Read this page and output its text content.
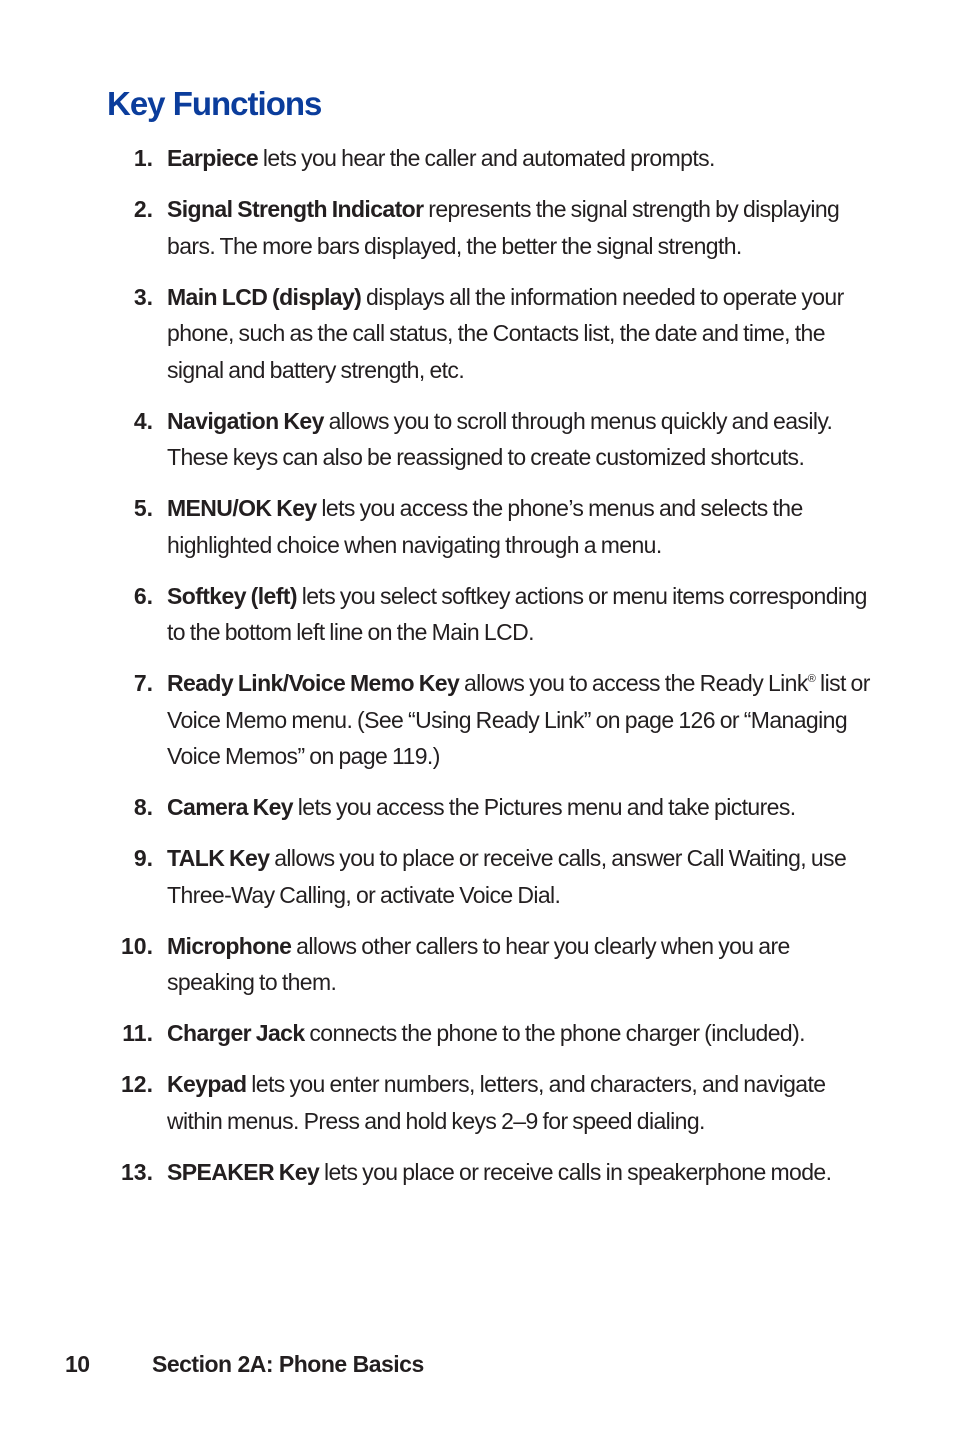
Key Functions
1. Earpiece lets you hear the caller and automated prompts.
2. Signal Strength Indicator represents the signal strength by displaying bars. The more bars displayed, the better the signal strength.
3. Main LCD (display) displays all the information needed to operate your phone, such as the call status, the Contacts list, the date and time, the signal and battery strength, etc.
4. Navigation Key allows you to scroll through menus quickly and easily. These keys can also be reassigned to create customized shortcuts.
5. MENU/OK Key lets you access the phone’s menus and selects the highlighted choice when navigating through a menu.
6. Softkey (left) lets you select softkey actions or menu items corresponding to the bottom left line on the Main LCD.
7. Ready Link/Voice Memo Key allows you to access the Ready Link® list or Voice Memo menu. (See “Using Ready Link” on page 126 or “Managing Voice Memos” on page 119.)
8. Camera Key lets you access the Pictures menu and take pictures.
9. TALK Key allows you to place or receive calls, answer Call Waiting, use Three-Way Calling, or activate Voice Dial.
10. Microphone allows other callers to hear you clearly when you are speaking to them.
11. Charger Jack connects the phone to the phone charger (included).
12. Keypad lets you enter numbers, letters, and characters, and navigate within menus. Press and hold keys 2–9 for speed dialing.
13. SPEAKER Key lets you place or receive calls in speakerphone mode.
10	Section 2A: Phone Basics
